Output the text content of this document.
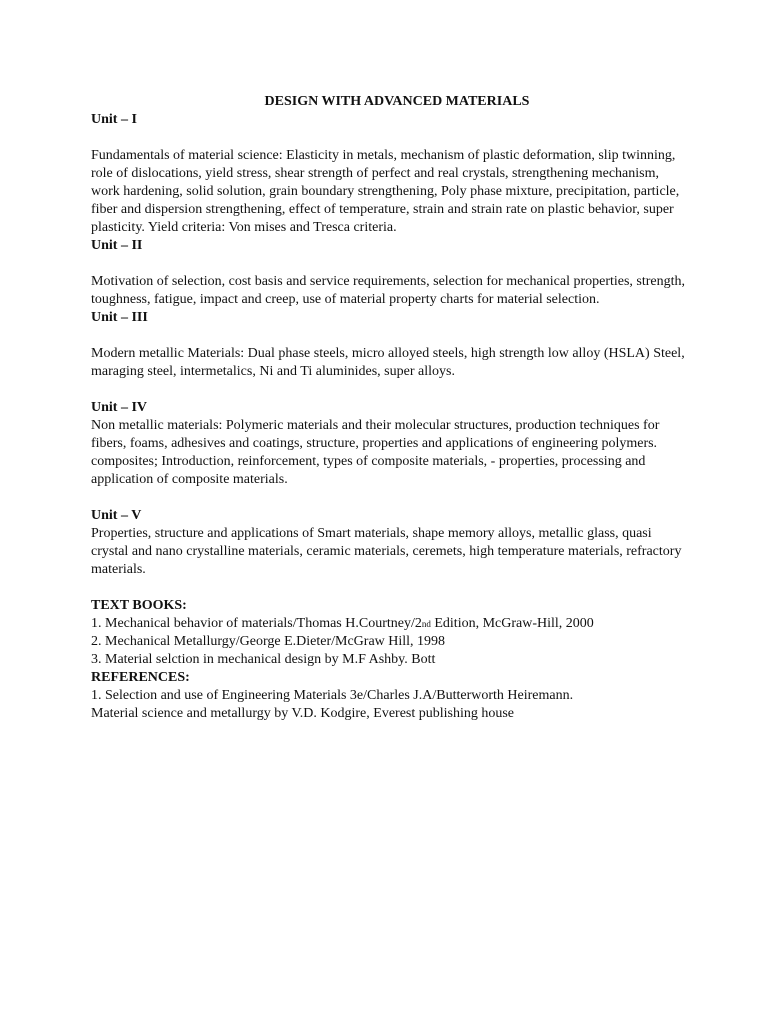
DESIGN WITH ADVANCED MATERIALS

Unit – I

Fundamentals of material science: Elasticity in metals, mechanism of plastic deformation, slip twinning, role of dislocations, yield stress, shear strength of perfect and real crystals, strengthening mechanism, work hardening, solid solution, grain boundary strengthening, Poly phase mixture, precipitation, particle, fiber and dispersion strengthening, effect of temperature, strain and strain rate on plastic behavior, super plasticity. Yield criteria: Von mises and Tresca criteria.

Unit – II

Motivation of selection, cost basis and service requirements, selection for mechanical properties, strength, toughness, fatigue, impact and creep, use of material property charts for material selection.

Unit – III

Modern metallic Materials: Dual phase steels, micro alloyed steels, high strength low alloy (HSLA) Steel, maraging steel, intermetalics, Ni and Ti aluminides, super alloys.

Unit – IV

Non metallic materials: Polymeric materials and their molecular structures, production techniques for fibers, foams, adhesives and coatings, structure, properties and applications of engineering polymers. composites; Introduction, reinforcement, types of composite materials, - properties, processing and application of composite materials.

Unit – V

Properties, structure and applications of Smart materials, shape memory alloys, metallic glass, quasi crystal and nano crystalline materials, ceramic materials, ceremets, high temperature materials, refractory materials.

TEXT BOOKS:

1. Mechanical behavior of materials/Thomas H.Courtney/2nd Edition, McGraw-Hill, 2000

2. Mechanical Metallurgy/George E.Dieter/McGraw Hill, 1998

3. Material selction in mechanical design by M.F Ashby. Bott

REFERENCES:

1. Selection and use of Engineering Materials 3e/Charles J.A/Butterworth Heiremann.

Material science and metallurgy by V.D. Kodgire, Everest publishing house
